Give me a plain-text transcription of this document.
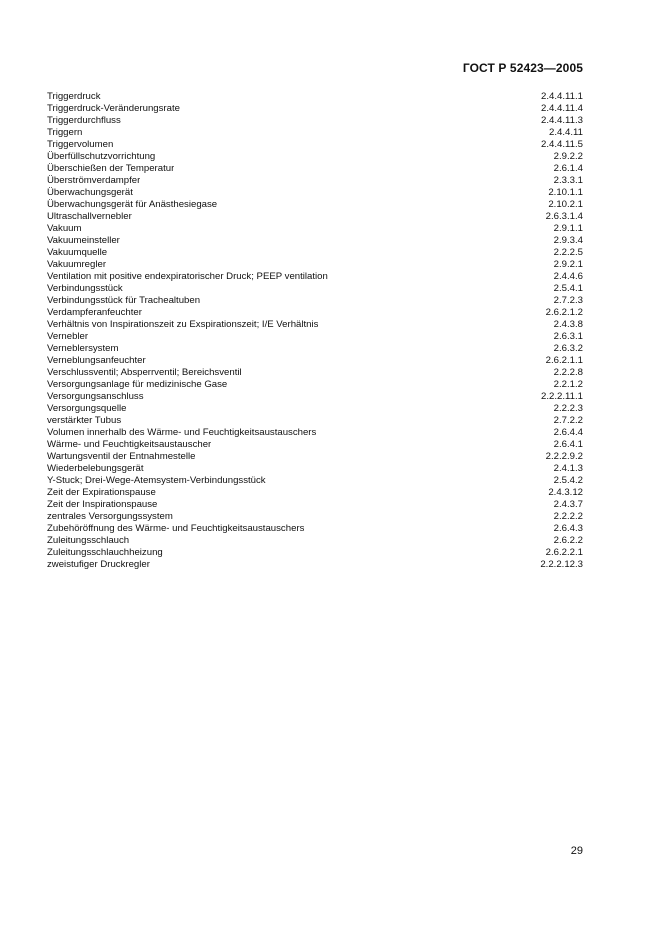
ГОСТ Р 52423—2005
Triggerdruck	2.4.4.11.1
Triggerdruck-Veränderungsrate	2.4.4.11.4
Triggerdurchfluss	2.4.4.11.3
Triggern	2.4.4.11
Triggervolumen	2.4.4.11.5
Überfüllschutzvorrichtung	2.9.2.2
Überschießen der Temperatur	2.6.1.4
Überströmverdampfer	2.3.3.1
Überwachungsgerät	2.10.1.1
Überwachungsgerät für Anästhesiegase	2.10.2.1
Ultraschallvernebler	2.6.3.1.4
Vakuum	2.9.1.1
Vakuumeinsteller	2.9.3.4
Vakuumquelle	2.2.2.5
Vakuumregler	2.9.2.1
Ventilation mit positive endexpiratorischer Druck; PEEP ventilation	2.4.4.6
Verbindungsstück	2.5.4.1
Verbindungsstück für Trachealtuben	2.7.2.3
Verdampferanfeuchter	2.6.2.1.2
Verhältnis von Inspirationszeit zu Exspirationszeit; I/E Verhältnis	2.4.3.8
Vernebler	2.6.3.1
Verneblersystem	2.6.3.2
Verneblungsanfeuchter	2.6.2.1.1
Verschlussventil; Absperrventil; Bereichsventil	2.2.2.8
Versorgungsanlage für medizinische Gase	2.2.1.2
Versorgungsanschluss	2.2.2.11.1
Versorgungsquelle	2.2.2.3
verstärkter Tubus	2.7.2.2
Volumen innerhalb des Wärme- und Feuchtigkeitsaustauschers	2.6.4.4
Wärme- und Feuchtigkeitsaustauscher	2.6.4.1
Wartungsventil der Entnahmestelle	2.2.2.9.2
Wiederbelebungsgerät	2.4.1.3
Y-Stuck; Drei-Wege-Atemsystem-Verbindungsstück	2.5.4.2
Zeit der Expirationspause	2.4.3.12
Zeit der Inspirationspause	2.4.3.7
zentrales Versorgungssystem	2.2.2.2
Zubehöröffnung des Wärme- und Feuchtigkeitsaustauschers	2.6.4.3
Zuleitungsschlauch	2.6.2.2
Zuleitungsschlauchheizung	2.6.2.2.1
zweistufiger Druckregler	2.2.2.12.3
29
